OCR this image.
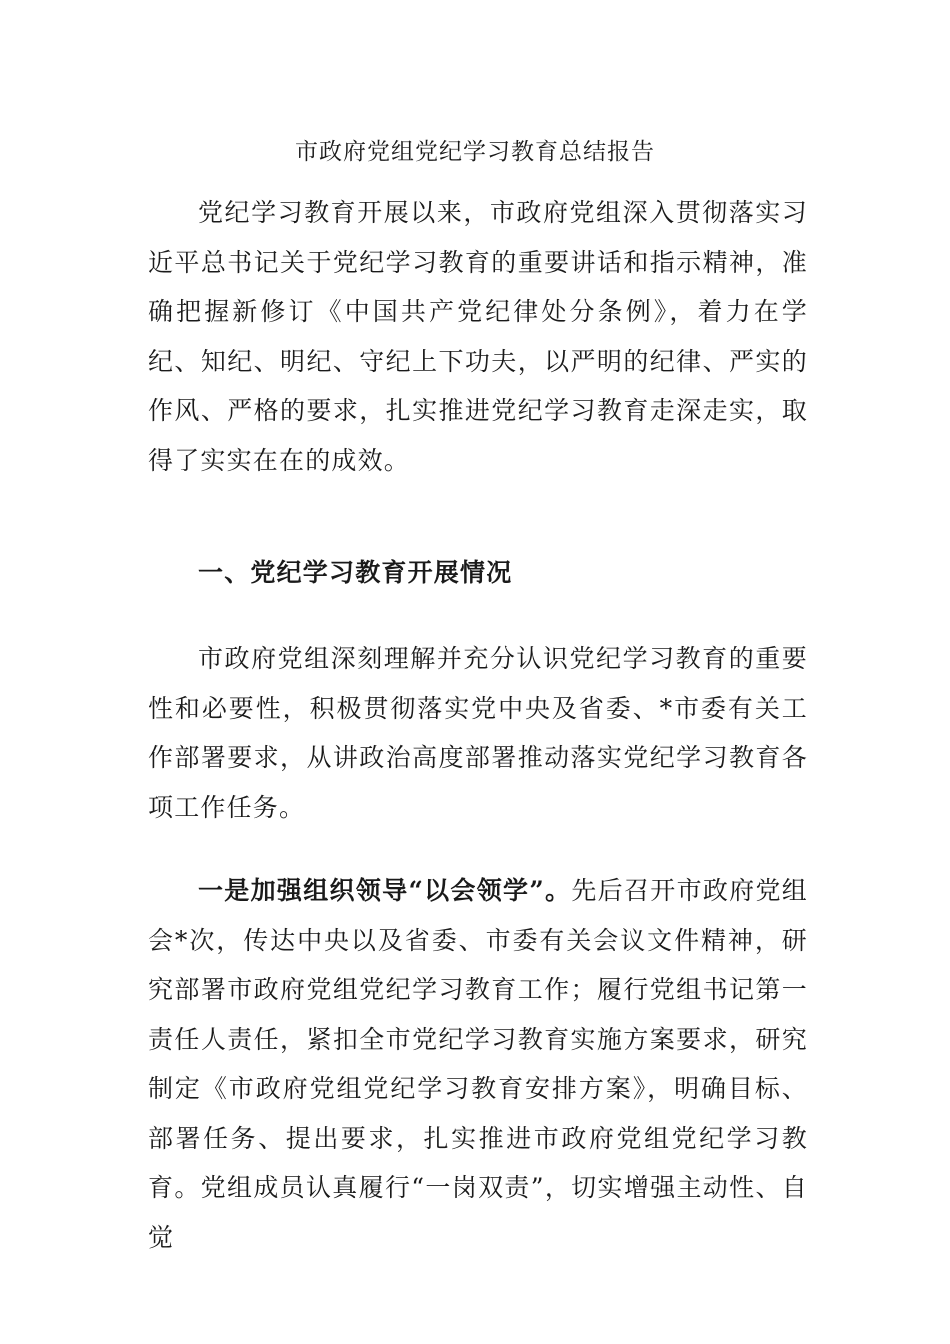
市政府党组党纪学习教育总结报告

党纪学习教育开展以来，市政府党组深入贯彻落实习近平总书记关于党纪学习教育的重要讲话和指示精神，准确把握新修订《中国共产党纪律处分条例》，着力在学纪、知纪、明纪、守纪上下功夫，以严明的纪律、严实的作风、严格的要求，扎实推进党纪学习教育走深走实，取得了实实在在的成效。

一、党纪学习教育开展情况

市政府党组深刻理解并充分认识党纪学习教育的重要性和必要性，积极贯彻落实党中央及省委、*市委有关工作部署要求，从讲政治高度部署推动落实党纪学习教育各项工作任务。

一是加强组织领导“以会领学”。先后召开市政府党组会*次，传达中央以及省委、市委有关会议文件精神，研究部署市政府党组党纪学习教育工作；履行党组书记第一责任人责任，紧扣全市党纪学习教育实施方案要求，研究制定《市政府党组党纪学习教育安排方案》，明确目标、部署任务、提出要求，扎实推进市政府党组党纪学习教育。党组成员认真履行“一岗双责”，切实增强主动性、自觉
